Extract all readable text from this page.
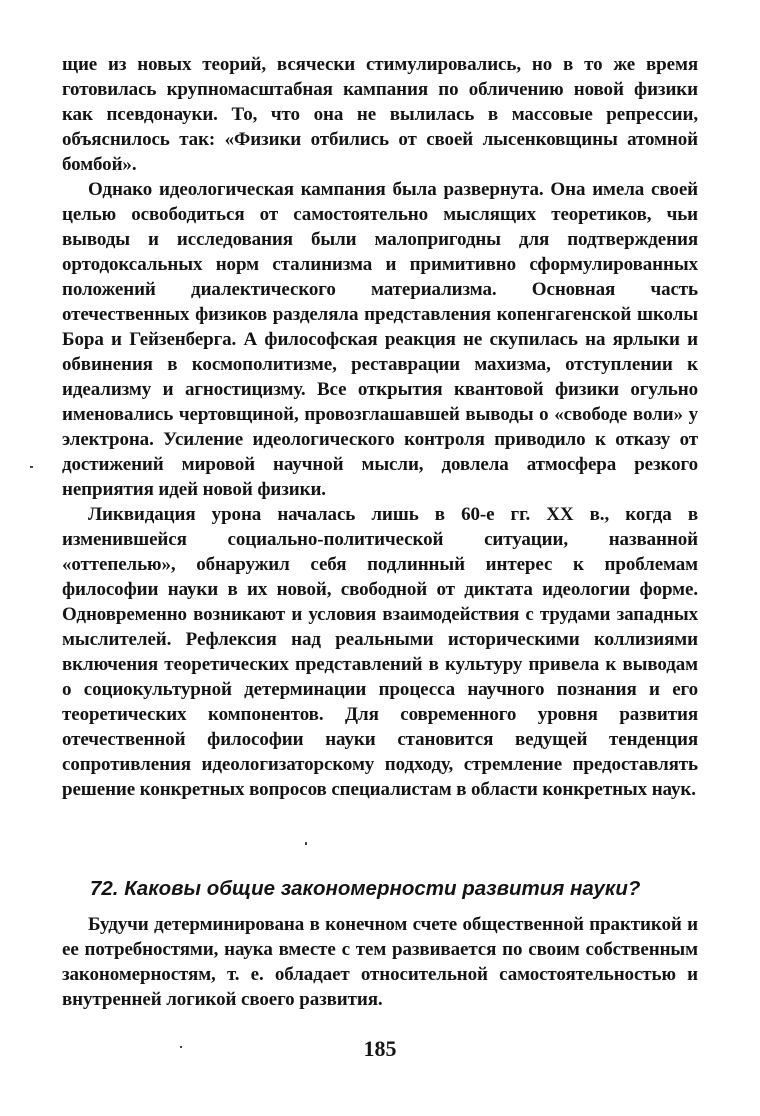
щие из новых теорий, всячески стимулировались, но в то же время готовилась крупномасштабная кампания по обличению новой физики как псевдонауки. То, что она не вылилась в массовые репрессии, объяснилось так: «Физики отбились от своей лысенковщины атомной бомбой».

Однако идеологическая кампания была развернута. Она имела своей целью освободиться от самостоятельно мыслящих теоретиков, чьи выводы и исследования были малопригодны для подтверждения ортодоксальных норм сталинизма и примитивно сформулированных положений диалектического материализма. Основная часть отечественных физиков разделяла представления копенгагенской школы Бора и Гейзенберга. А философская реакция не скупилась на ярлыки и обвинения в космополитизме, реставрации махизма, отступлении к идеализму и агностицизму. Все открытия квантовой физики огульно именовались чертовщиной, провозглашавшей выводы о «свободе воли» у электрона. Усиление идеологического контроля приводило к отказу от достижений мировой научной мысли, довлела атмосфера резкого неприятия идей новой физики.

Ликвидация урона началась лишь в 60-е гг. XX в., когда в изменившейся социально-политической ситуации, названной «оттепелью», обнаружил себя подлинный интерес к проблемам философии науки в их новой, свободной от диктата идеологии форме. Одновременно возникают и условия взаимодействия с трудами западных мыслителей. Рефлексия над реальными историческими коллизиями включения теоретических представлений в культуру привела к выводам о социокультурной детерминации процесса научного познания и его теоретических компонентов. Для современного уровня развития отечественной философии науки становится ведущей тенденция сопротивления идеологизаторскому подходу, стремление предоставлять решение конкретных вопросов специалистам в области конкретных наук.

72. Каковы общие закономерности развития науки?

Будучи детерминирована в конечном счете общественной практикой и ее потребностями, наука вместе с тем развивается по своим собственным закономерностям, т. е. обладает относительной самостоятельностью и внутренней логикой своего развития.

185
